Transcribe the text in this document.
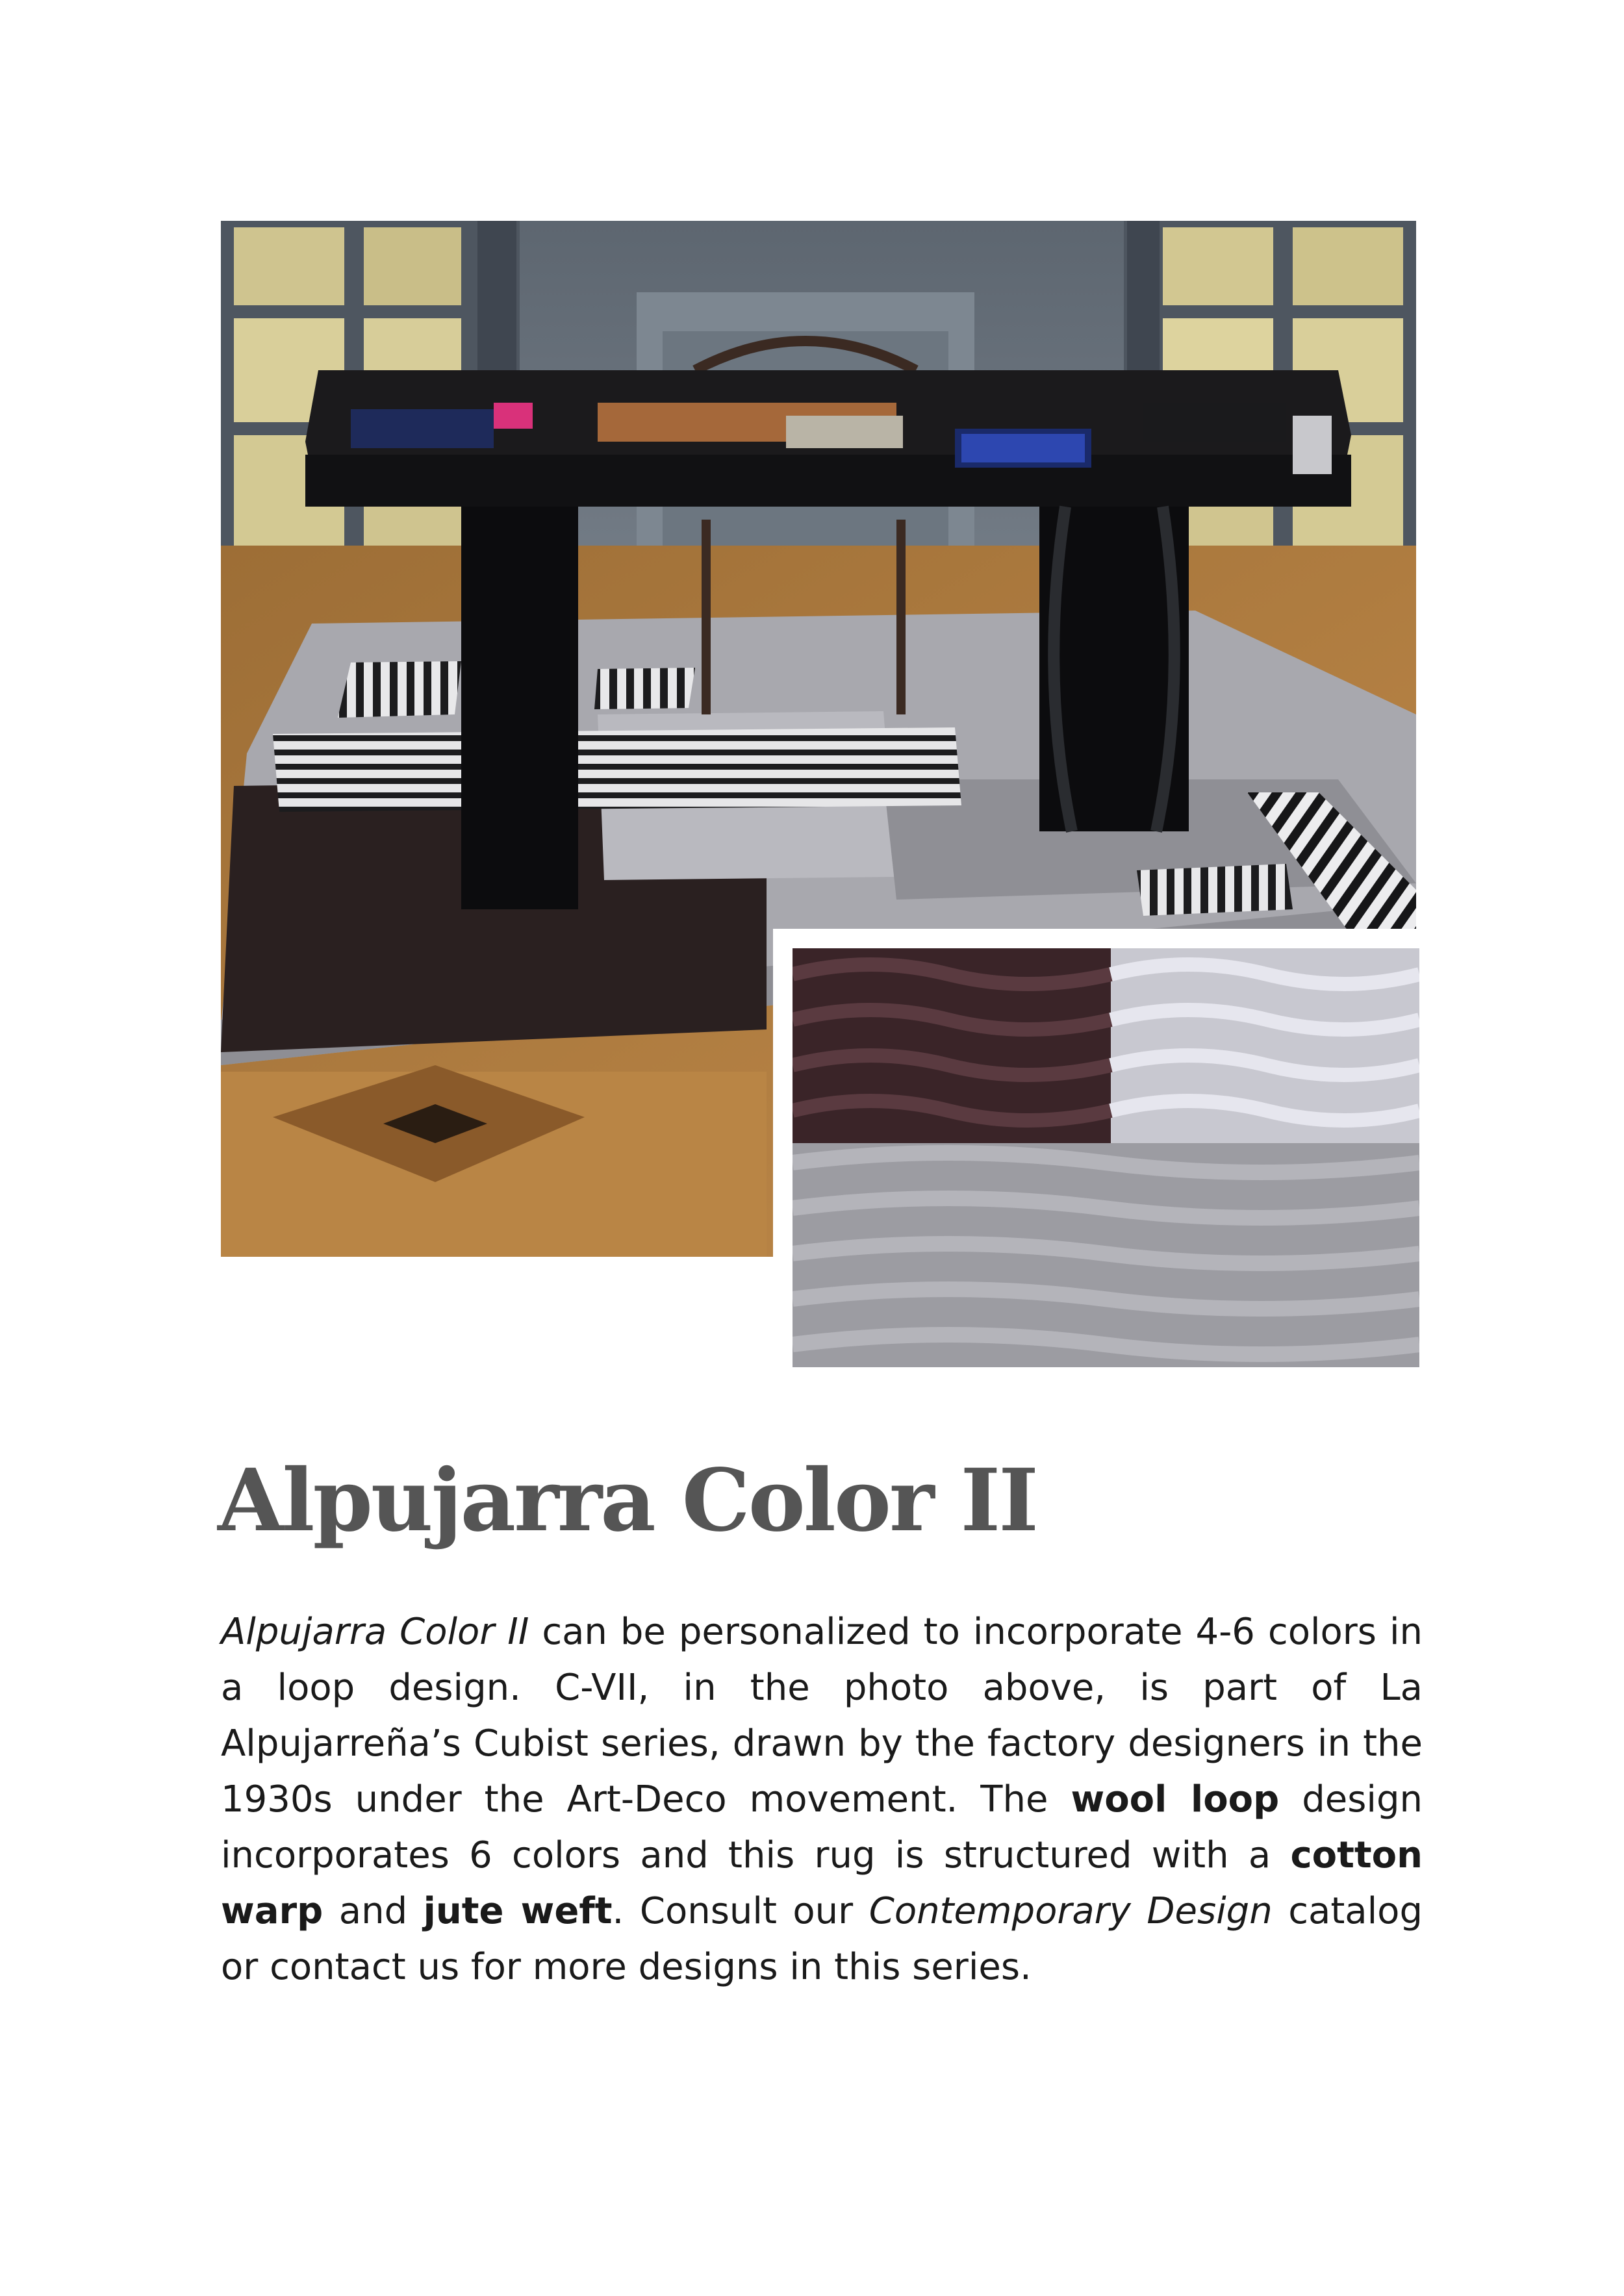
Alpujarra Color II

Alpujarra Color II can be personalized to incorporate 4-6 colors in a loop design. C-VII, in the photo above, is part of La Alpujarreña’s Cubist series, drawn by the factory designers in the 1930s under the Art-Deco movement. The wool loop design incorporates 6 colors and this rug is structured with a cotton warp and jute weft. Consult our Contemporary Design catalog or contact us for more designs in this series.
